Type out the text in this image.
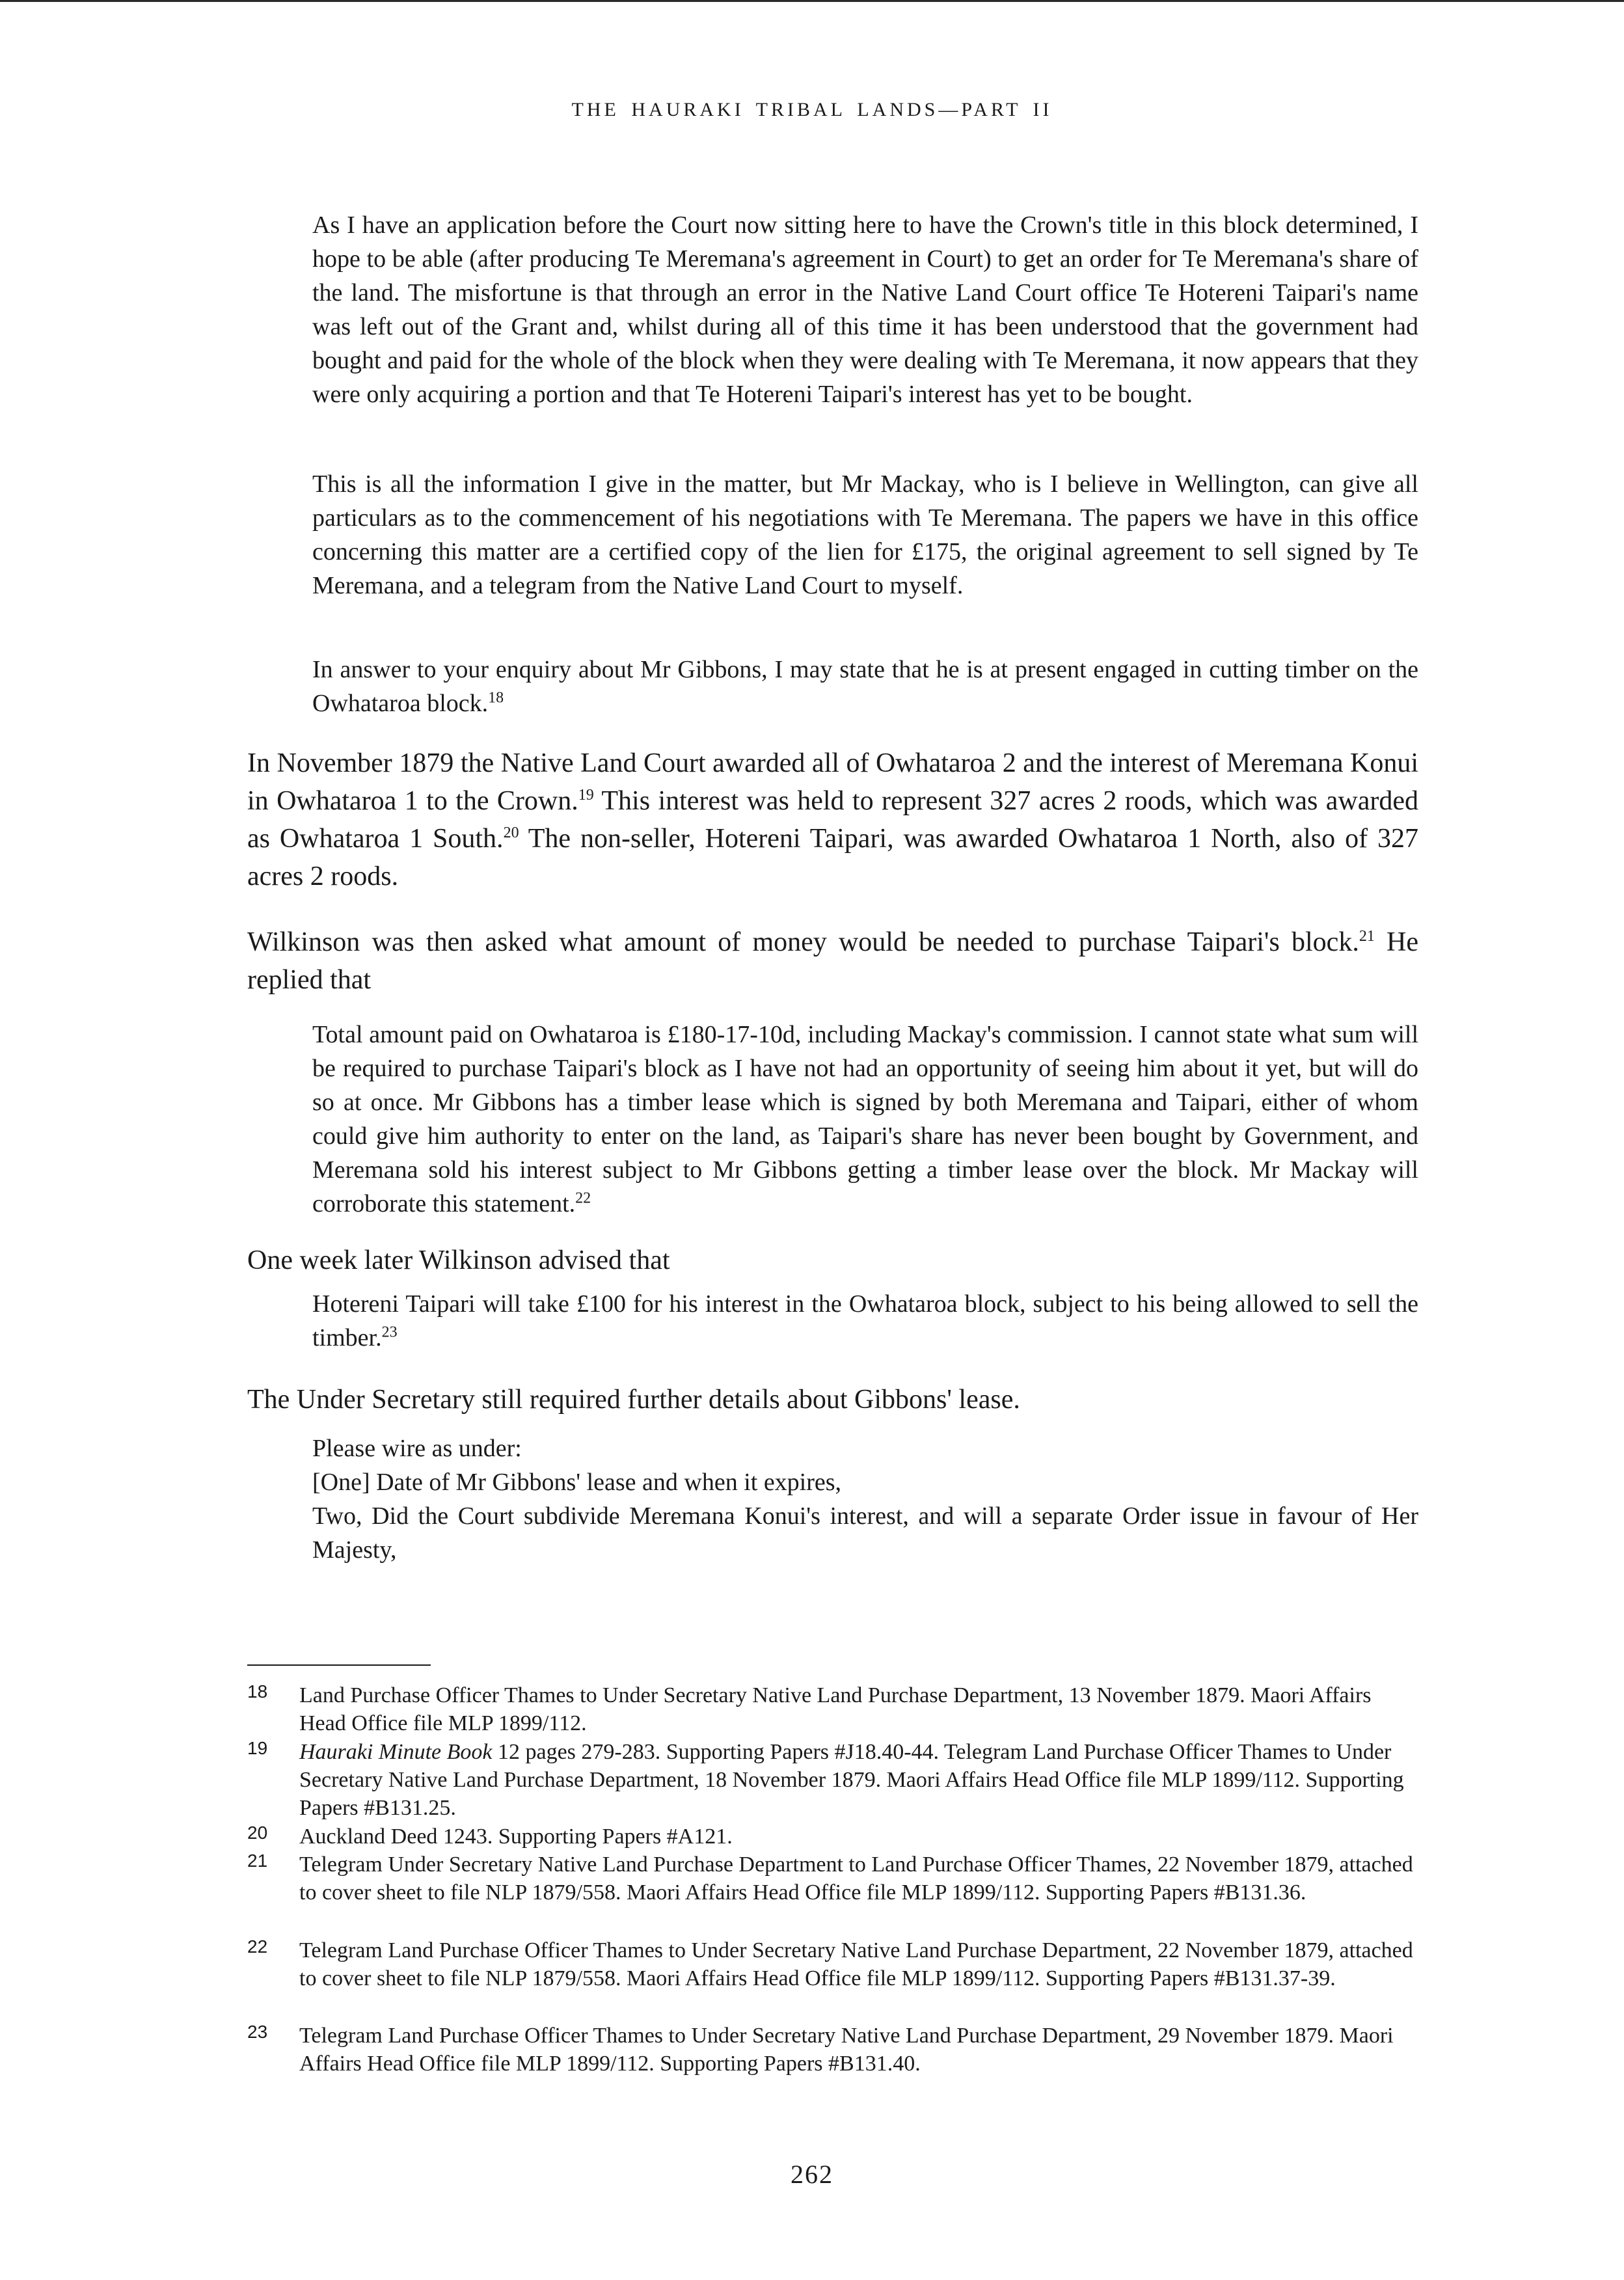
THE HAURAKI TRIBAL LANDS—PART II

As I have an application before the Court now sitting here to have the Crown's title in this block determined, I hope to be able (after producing Te Meremana's agreement in Court) to get an order for Te Meremana's share of the land. The misfortune is that through an error in the Native Land Court office Te Hotereni Taipari's name was left out of the Grant and, whilst during all of this time it has been understood that the government had bought and paid for the whole of the block when they were dealing with Te Meremana, it now appears that they were only acquiring a portion and that Te Hotereni Taipari's interest has yet to be bought.

This is all the information I give in the matter, but Mr Mackay, who is I believe in Wellington, can give all particulars as to the commencement of his negotiations with Te Meremana. The papers we have in this office concerning this matter are a certified copy of the lien for £175, the original agreement to sell signed by Te Meremana, and a telegram from the Native Land Court to myself.

In answer to your enquiry about Mr Gibbons, I may state that he is at present engaged in cutting timber on the Owhataroa block.$^{18}$

In November 1879 the Native Land Court awarded all of Owhataroa 2 and the interest of Meremana Konui in Owhataroa 1 to the Crown.$^{19}$ This interest was held to represent 327 acres 2 roods, which was awarded as Owhataroa 1 South.$^{20}$ The non-seller, Hotereni Taipari, was awarded Owhataroa 1 North, also of 327 acres 2 roods.

Wilkinson was then asked what amount of money would be needed to purchase Taipari's block.$^{21}$ He replied that

Total amount paid on Owhataroa is £180-17-10d, including Mackay's commission. I cannot state what sum will be required to purchase Taipari's block as I have not had an opportunity of seeing him about it yet, but will do so at once. Mr Gibbons has a timber lease which is signed by both Meremana and Taipari, either of whom could give him authority to enter on the land, as Taipari's share has never been bought by Government, and Meremana sold his interest subject to Mr Gibbons getting a timber lease over the block. Mr Mackay will corroborate this statement.$^{22}$

One week later Wilkinson advised that

Hotereni Taipari will take £100 for his interest in the Owhataroa block, subject to his being allowed to sell the timber.$^{23}$

The Under Secretary still required further details about Gibbons' lease.

Please wire as under:

[One] Date of Mr Gibbons' lease and when it expires,

Two, Did the Court subdivide Meremana Konui's interest, and will a separate Order issue in favour of Her Majesty,

18 Land Purchase Officer Thames to Under Secretary Native Land Purchase Department, 13 November 1879. Maori Affairs Head Office file MLP 1899/112.
19 Hauraki Minute Book 12 pages 279-283. Supporting Papers #J18.40-44. Telegram Land Purchase Officer Thames to Under Secretary Native Land Purchase Department, 18 November 1879. Maori Affairs Head Office file MLP 1899/112. Supporting Papers #B131.25.
20 Auckland Deed 1243. Supporting Papers #A121.
21 Telegram Under Secretary Native Land Purchase Department to Land Purchase Officer Thames, 22 November 1879, attached to cover sheet to file NLP 1879/558. Maori Affairs Head Office file MLP 1899/112. Supporting Papers #B131.36.
22 Telegram Land Purchase Officer Thames to Under Secretary Native Land Purchase Department, 22 November 1879, attached to cover sheet to file NLP 1879/558. Maori Affairs Head Office file MLP 1899/112. Supporting Papers #B131.37-39.
23 Telegram Land Purchase Officer Thames to Under Secretary Native Land Purchase Department, 29 November 1879. Maori Affairs Head Office file MLP 1899/112. Supporting Papers #B131.40.
262
